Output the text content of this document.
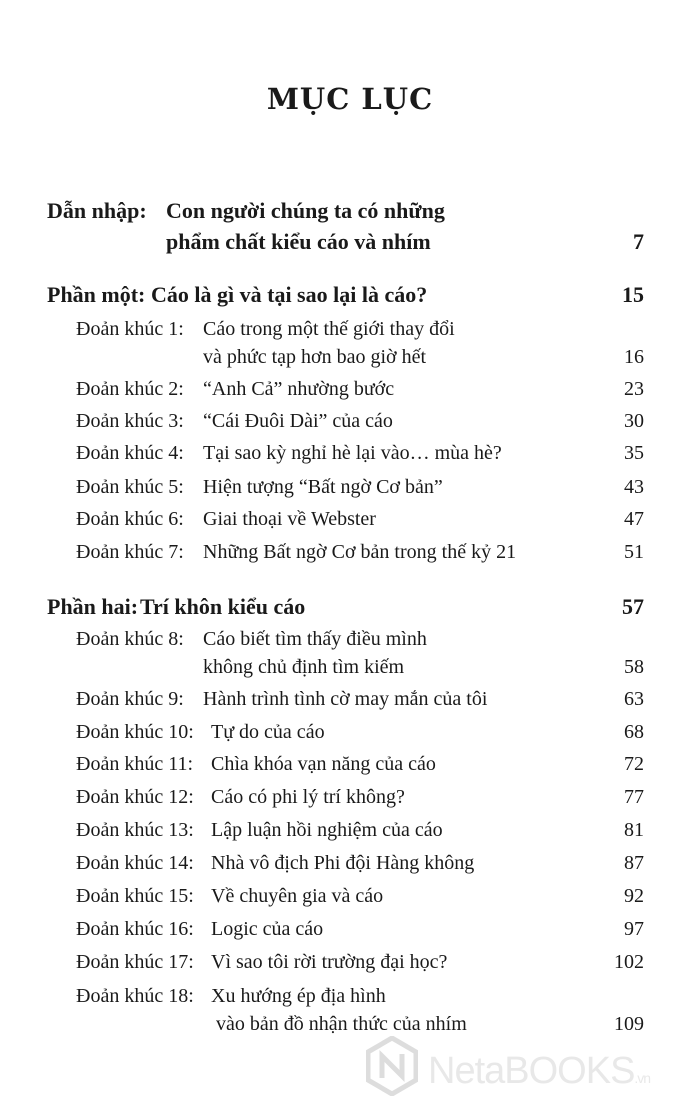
MỤC LỤC
Dẫn nhập: Con người chúng ta có những
phẩm chất kiểu cáo và nhím	7
Phần một: Cáo là gì và tại sao lại là cáo?	15
Đoản khúc 1: Cáo trong một thế giới thay đổi
và phức tạp hơn bao giờ hết	16
Đoản khúc 2: “Anh Cả” nhường bước	23
Đoản khúc 3: “Cái Đuôi Dài” của cáo	30
Đoản khúc 4: Tại sao kỳ nghỉ hè lại vào… mùa hè?	35
Đoản khúc 5: Hiện tượng “Bất ngờ Cơ bản”	43
Đoản khúc 6: Giai thoại về Webster	47
Đoản khúc 7: Những Bất ngờ Cơ bản trong thế kỷ 21	51
Phần hai: Trí khôn kiểu cáo	57
Đoản khúc 8: Cáo biết tìm thấy điều mình
không chủ định tìm kiếm	58
Đoản khúc 9: Hành trình tình cờ may mắn của tôi	63
Đoản khúc 10: Tự do của cáo	68
Đoản khúc 11: Chìa khóa vạn năng của cáo	72
Đoản khúc 12: Cáo có phi lý trí không?	77
Đoản khúc 13: Lập luận hồi nghiệm của cáo	81
Đoản khúc 14: Nhà vô địch Phi đội Hàng không	87
Đoản khúc 15: Về chuyên gia và cáo	92
Đoản khúc 16: Logic của cáo	97
Đoản khúc 17: Vì sao tôi rời trường đại học?	102
Đoản khúc 18: Xu hướng ép địa hình
vào bản đồ nhận thức của nhím	109
NetaBOOKS.vn
